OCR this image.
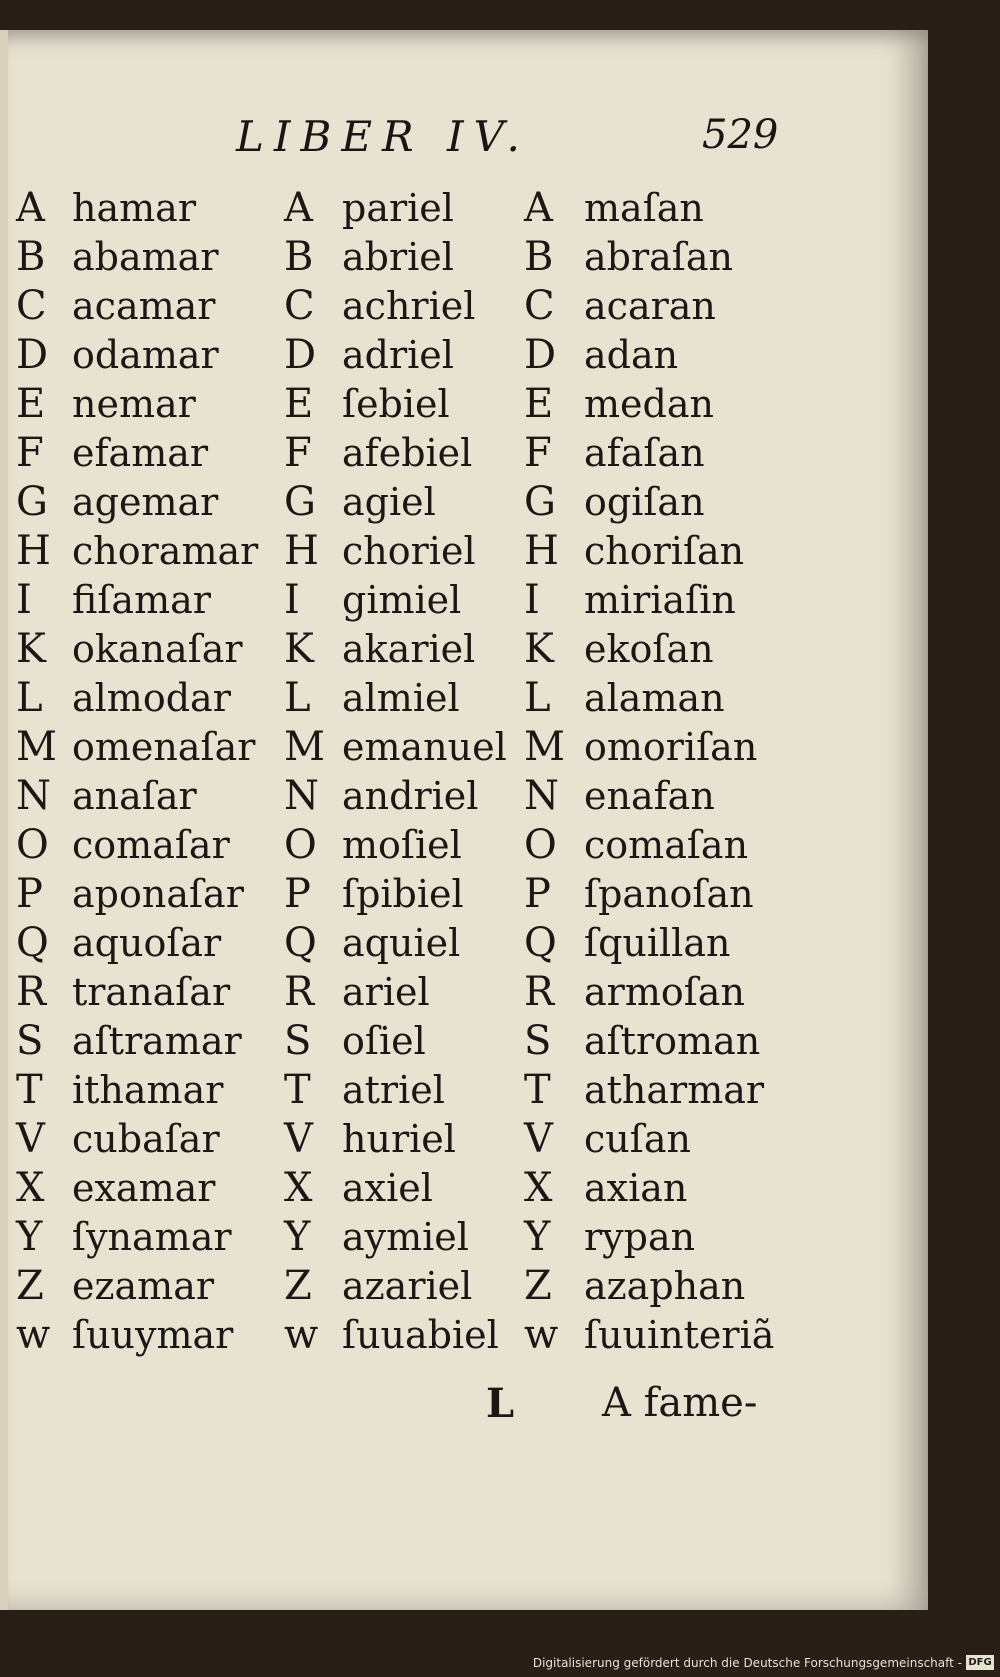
LIBER IV.	529
A hamar A pariel A maſan
B abamar B abriel B abraſan
C acamar C achriel C acaran
D odamar D adriel D adan
E nemar E ſebiel E medan
F efamar F afebiel F afaſan
G agemar G agiel G ogiſan
H choramar H choriel H choriſan
I fiſamar I gimiel I miriaſin
K okanaſar K akariel K ekoſan
L almodar L almiel L alaman
M omenaſar M emanuel M omoriſan
N anaſar N andriel N enafan
O comaſar O moſiel O comaſan
P aponaſar P ſpibiel P ſpanoſan
Q aquoſar Q aquiel Q ſquillan
R tranaſar R ariel R armoſan
S aſtramar S oſiel S aſtroman
T ithamar T atriel T atharmar
V cubaſar V huriel V cuſan
X examar X axiel X axian
Y ſynamar Y aymiel Y rypan
Z ezamar Z azariel Z azaphan
w ſuuymar w ſuuabiel w ſuuinteriã
L A fame-
Digitalisierung gefördert durch die Deutsche Forschungsgemeinschaft - DFG
